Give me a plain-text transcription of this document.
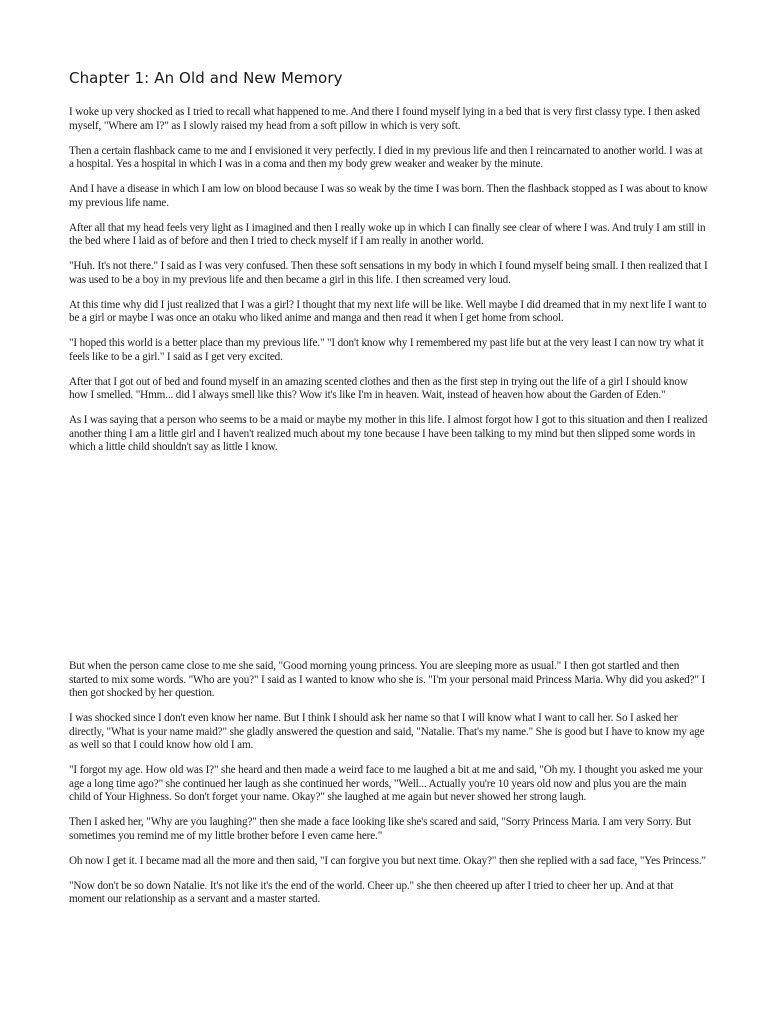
Chapter 1: An Old and New Memory

I woke up very shocked as I tried to recall what happened to me. And there I found myself lying in a bed that is very first classy type. I then asked myself, "Where am I?" as I slowly raised my head from a soft pillow in which is very soft.

Then a certain flashback came to me and I envisioned it very perfectly. I died in my previous life and then I reincarnated to another world. I was at a hospital. Yes a hospital in which I was in a coma and then my body grew weaker and weaker by the minute.

And I have a disease in which I am low on blood because I was so weak by the time I was born. Then the flashback stopped as I was about to know my previous life name.

After all that my head feels very light as I imagined and then I really woke up in which I can finally see clear of where I was. And truly I am still in the bed where I laid as of before and then I tried to check myself if I am really in another world.

"Huh. It's not there." I said as I was very confused. Then these soft sensations in my body in which I found myself being small. I then realized that I was used to be a boy in my previous life and then became a girl in this life. I then screamed very loud.

At this time why did I just realized that I was a girl? I thought that my next life will be like. Well maybe I did dreamed that in my next life I want to be a girl or maybe I was once an otaku who liked anime and manga and then read it when I get home from school.

"I hoped this world is a better place than my previous life." "I don't know why I remembered my past life but at the very least I can now try what it feels like to be a girl." I said as I get very excited.

After that I got out of bed and found myself in an amazing scented clothes and then as the first step in trying out the life of a girl I should know how I smelled. "Hmm... did I always smell like this? Wow it's like I'm in heaven. Wait, instead of heaven how about the Garden of Eden."

As I was saying that a person who seems to be a maid or maybe my mother in this life. I almost forgot how I got to this situation and then I realized another thing I am a little girl and I haven't realized much about my tone because I have been talking to my mind but then slipped some words in which a little child shouldn't say as little I know.

But when the person came close to me she said, "Good morning young princess. You are sleeping more as usual." I then got startled and then started to mix some words. "Who are you?" I said as I wanted to know who she is. "I'm your personal maid Princess Maria. Why did you asked?" I then got shocked by her question.

I was shocked since I don't even know her name. But I think I should ask her name so that I will know what I want to call her. So I asked her directly, "What is your name maid?" she gladly answered the question and said, "Natalie. That's my name." She is good but I have to know my age as well so that I could know how old I am.

"I forgot my age. How old was I?" she heard and then made a weird face to me laughed a bit at me and said, "Oh my. I thought you asked me your age a long time ago?" she continued her laugh as she continued her words, "Well... Actually you're 10 years old now and plus you are the main child of Your Highness. So don't forget your name. Okay?" she laughed at me again but never showed her strong laugh.

Then I asked her, "Why are you laughing?" then she made a face looking like she's scared and said, "Sorry Princess Maria. I am very Sorry. But sometimes you remind me of my little brother before I even came here."

Oh now I get it. I became mad all the more and then said, "I can forgive you but next time. Okay?" then she replied with a sad face, "Yes Princess."

"Now don't be so down Natalie. It's not like it's the end of the world. Cheer up." she then cheered up after I tried to cheer her up. And at that moment our relationship as a servant and a master started.
